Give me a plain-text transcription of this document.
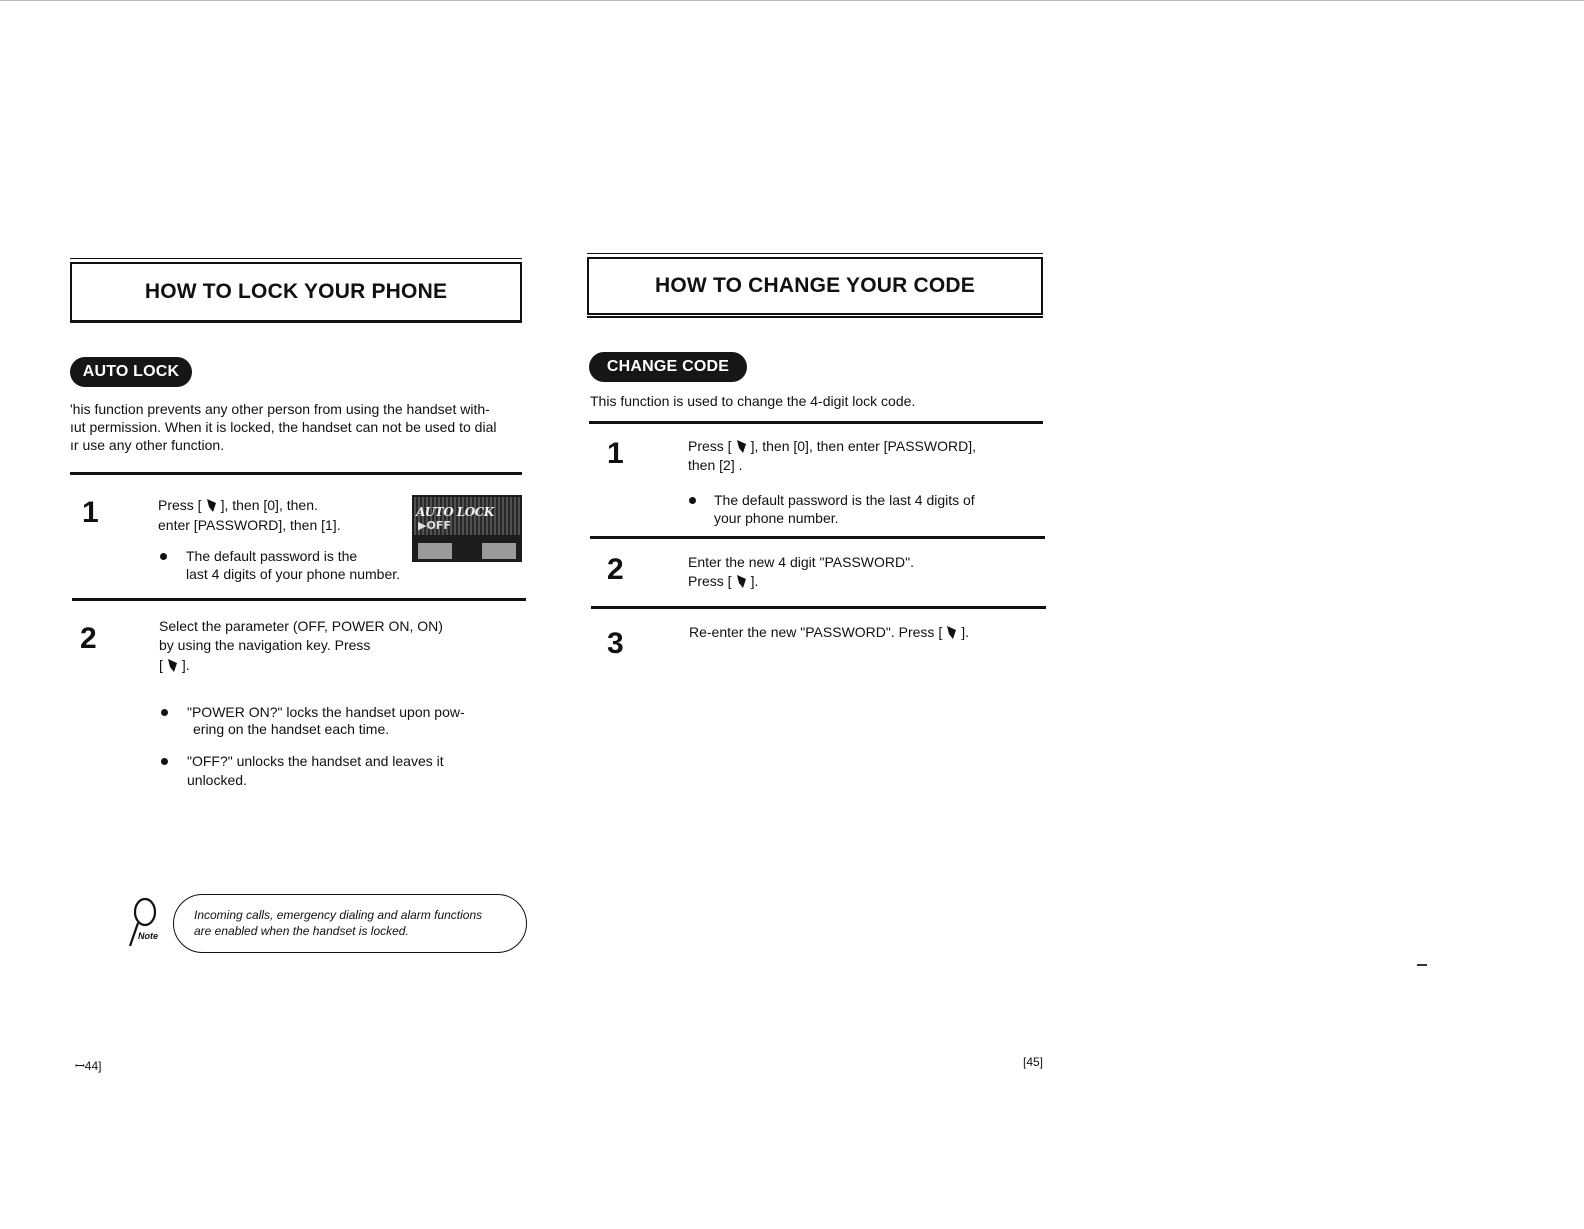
HOW TO LOCK YOUR PHONE
AUTO LOCK
'his function prevents any other person from using the handset with-
ıut permission. When it is locked, the handset can not be used to dial
ır use any other function.
1	Press [ ], then [0], then.
enter [PASSWORD], then [1].
The default password is the
last 4 digits of your phone number.
AUTO LOCK
▶OFF
2	Select the parameter (OFF, POWER ON, ON)
by using the navigation key. Press
[ ].
"POWER ON?" locks the handset upon pow-
ering on the handset each time.
"OFF?" unlocks the handset and leaves it
unlocked.
Note
Incoming calls, emergency dialing and alarm functions
are enabled when the handset is locked.
ꟷ44]
HOW TO CHANGE YOUR CODE
CHANGE CODE
This function is used to change the 4-digit lock code.
1	Press [ ], then [0], then enter [PASSWORD],
then [2] .
The default password is the last 4 digits of
your phone number.
2	Enter the new 4 digit "PASSWORD".
Press [ ].
3	Re-enter the new "PASSWORD". Press [ ].
[45]
